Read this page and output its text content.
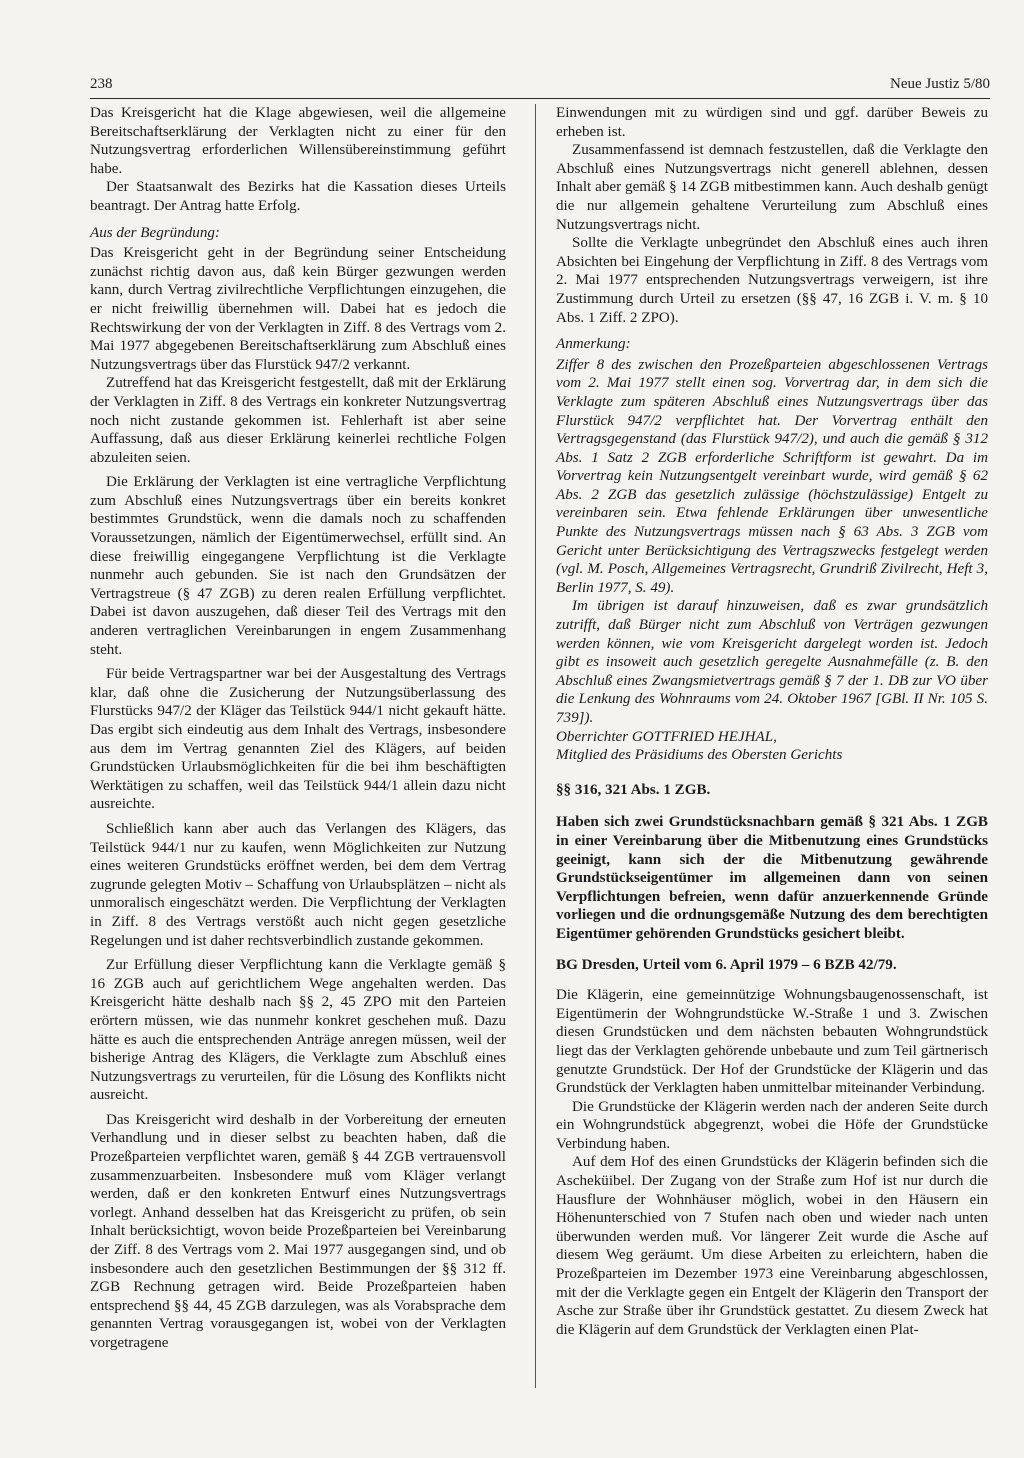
238	Neue Justiz 5/80

Das Kreisgericht hat die Klage abgewiesen, weil die allgemeine Bereitschaftserklärung der Verklagten nicht zu einer für den Nutzungsvertrag erforderlichen Willensübereinstimmung geführt habe.

Der Staatsanwalt des Bezirks hat die Kassation dieses Urteils beantragt. Der Antrag hatte Erfolg.

Aus der Begründung:

Das Kreisgericht geht in der Begründung seiner Entscheidung zunächst richtig davon aus, daß kein Bürger gezwungen werden kann, durch Vertrag zivilrechtliche Verpflichtungen einzugehen, die er nicht freiwillig übernehmen will. Dabei hat es jedoch die Rechtswirkung der von der Verklagten in Ziff. 8 des Vertrags vom 2. Mai 1977 abgegebenen Bereitschaftserklärung zum Abschluß eines Nutzungsvertrags über das Flurstück 947/2 verkannt.

Zutreffend hat das Kreisgericht festgestellt, daß mit der Erklärung der Verklagten in Ziff. 8 des Vertrags ein konkreter Nutzungsvertrag noch nicht zustande gekommen ist. Fehlerhaft ist aber seine Auffassung, daß aus dieser Erklärung keinerlei rechtliche Folgen abzuleiten seien.

Die Erklärung der Verklagten ist eine vertragliche Verpflichtung zum Abschluß eines Nutzungsvertrags über ein bereits konkret bestimmtes Grundstück, wenn die damals noch zu schaffenden Voraussetzungen, nämlich der Eigentümerwechsel, erfüllt sind. An diese freiwillig eingegangene Verpflichtung ist die Verklagte nunmehr auch gebunden. Sie ist nach den Grundsätzen der Vertragstreue (§ 47 ZGB) zu deren realen Erfüllung verpflichtet. Dabei ist davon auszugehen, daß dieser Teil des Vertrags mit den anderen vertraglichen Vereinbarungen in engem Zusammenhang steht.

Für beide Vertragspartner war bei der Ausgestaltung des Vertrags klar, daß ohne die Zusicherung der Nutzungsüberlassung des Flurstücks 947/2 der Kläger das Teilstück 944/1 nicht gekauft hätte. Das ergibt sich eindeutig aus dem Inhalt des Vertrags, insbesondere aus dem im Vertrag genannten Ziel des Klägers, auf beiden Grundstücken Urlaubsmöglichkeiten für die bei ihm beschäftigten Werktätigen zu schaffen, weil das Teilstück 944/1 allein dazu nicht ausreichte.

Schließlich kann aber auch das Verlangen des Klägers, das Teilstück 944/1 nur zu kaufen, wenn Möglichkeiten zur Nutzung eines weiteren Grundstücks eröffnet werden, bei dem dem Vertrag zugrunde gelegten Motiv – Schaffung von Urlaubsplätzen – nicht als unmoralisch eingeschätzt werden. Die Verpflichtung der Verklagten in Ziff. 8 des Vertrags verstößt auch nicht gegen gesetzliche Regelungen und ist daher rechtsverbindlich zustande gekommen.

Zur Erfüllung dieser Verpflichtung kann die Verklagte gemäß § 16 ZGB auch auf gerichtlichem Wege angehalten werden. Das Kreisgericht hätte deshalb nach §§ 2, 45 ZPO mit den Parteien erörtern müssen, wie das nunmehr konkret geschehen muß. Dazu hätte es auch die entsprechenden Anträge anregen müssen, weil der bisherige Antrag des Klägers, die Verklagte zum Abschluß eines Nutzungsvertrags zu verurteilen, für die Lösung des Konflikts nicht ausreicht.

Das Kreisgericht wird deshalb in der Vorbereitung der erneuten Verhandlung und in dieser selbst zu beachten haben, daß die Prozeßparteien verpflichtet waren, gemäß § 44 ZGB vertrauensvoll zusammenzuarbeiten. Insbesondere muß vom Kläger verlangt werden, daß er den konkreten Entwurf eines Nutzungsvertrags vorlegt. Anhand desselben hat das Kreisgericht zu prüfen, ob sein Inhalt berücksichtigt, wovon beide Prozeßparteien bei Vereinbarung der Ziff. 8 des Vertrags vom 2. Mai 1977 ausgegangen sind, und ob insbesondere auch den gesetzlichen Bestimmungen der §§ 312 ff. ZGB Rechnung getragen wird. Beide Prozeßparteien haben entsprechend §§ 44, 45 ZGB darzulegen, was als Vorabsprache dem genannten Vertrag vorausgegangen ist, wobei von der Verklagten vorgetragene

Einwendungen mit zu würdigen sind und ggf. darüber Beweis zu erheben ist.

Zusammenfassend ist demnach festzustellen, daß die Verklagte den Abschluß eines Nutzungsvertrags nicht generell ablehnen, dessen Inhalt aber gemäß § 14 ZGB mitbestimmen kann. Auch deshalb genügt die nur allgemein gehaltene Verurteilung zum Abschluß eines Nutzungsvertrags nicht.

Sollte die Verklagte unbegründet den Abschluß eines auch ihren Absichten bei Eingehung der Verpflichtung in Ziff. 8 des Vertrags vom 2. Mai 1977 entsprechenden Nutzungsvertrags verweigern, ist ihre Zustimmung durch Urteil zu ersetzen (§§ 47, 16 ZGB i. V. m. § 10 Abs. 1 Ziff. 2 ZPO).

Anmerkung:

Ziffer 8 des zwischen den Prozeßparteien abgeschlossenen Vertrags vom 2. Mai 1977 stellt einen sog. Vorvertrag dar, in dem sich die Verklagte zum späteren Abschluß eines Nutzungsvertrags über das Flurstück 947/2 verpflichtet hat. Der Vorvertrag enthält den Vertragsgegenstand (das Flurstück 947/2), und auch die gemäß § 312 Abs. 1 Satz 2 ZGB erforderliche Schriftform ist gewahrt. Da im Vorvertrag kein Nutzungsentgelt vereinbart wurde, wird gemäß § 62 Abs. 2 ZGB das gesetzlich zulässige (höchstzulässige) Entgelt zu vereinbaren sein. Etwa fehlende Erklärungen über unwesentliche Punkte des Nutzungsvertrags müssen nach § 63 Abs. 3 ZGB vom Gericht unter Berücksichtigung des Vertragszwecks festgelegt werden (vgl. M. Posch, Allgemeines Vertragsrecht, Grundriß Zivilrecht, Heft 3, Berlin 1977, S. 49).

Im übrigen ist darauf hinzuweisen, daß es zwar grundsätzlich zutrifft, daß Bürger nicht zum Abschluß von Verträgen gezwungen werden können, wie vom Kreisgericht dargelegt worden ist. Jedoch gibt es insoweit auch gesetzlich geregelte Ausnahmefälle (z. B. den Abschluß eines Zwangsmietvertrags gemäß § 7 der 1. DB zur VO über die Lenkung des Wohnraums vom 24. Oktober 1967 [GBl. II Nr. 105 S. 739]).

Oberrichter GOTTFRIED HEJHAL,

Mitglied des Präsidiums des Obersten Gerichts

§§ 316, 321 Abs. 1 ZGB.

Haben sich zwei Grundstücksnachbarn gemäß § 321 Abs. 1 ZGB in einer Vereinbarung über die Mitbenutzung eines Grundstücks geeinigt, kann sich der die Mitbenutzung gewährende Grundstückseigentümer im allgemeinen dann von seinen Verpflichtungen befreien, wenn dafür anzuerkennende Gründe vorliegen und die ordnungsgemäße Nutzung des dem berechtigten Eigentümer gehörenden Grundstücks gesichert bleibt.

BG Dresden, Urteil vom 6. April 1979 – 6 BZB 42/79.

Die Klägerin, eine gemeinnützige Wohnungsbaugenossenschaft, ist Eigentümerin der Wohngrundstücke W.-Straße 1 und 3. Zwischen diesen Grundstücken und dem nächsten bebauten Wohngrundstück liegt das der Verklagten gehörende unbebaute und zum Teil gärtnerisch genutzte Grundstück. Der Hof der Grundstücke der Klägerin und das Grundstück der Verklagten haben unmittelbar miteinander Verbindung.

Die Grundstücke der Klägerin werden nach der anderen Seite durch ein Wohngrundstück abgegrenzt, wobei die Höfe der Grundstücke Verbindung haben.

Auf dem Hof des einen Grundstücks der Klägerin befinden sich die Ascheküibel. Der Zugang von der Straße zum Hof ist nur durch die Hausflure der Wohnhäuser möglich, wobei in den Häusern ein Höhenunterschied von 7 Stufen nach oben und wieder nach unten überwunden werden muß. Vor längerer Zeit wurde die Asche auf diesem Weg geräumt. Um diese Arbeiten zu erleichtern, haben die Prozeßparteien im Dezember 1973 eine Vereinbarung abgeschlossen, mit der die Verklagte gegen ein Entgelt der Klägerin den Transport der Asche zur Straße über ihr Grundstück gestattet. Zu diesem Zweck hat die Klägerin auf dem Grundstück der Verklagten einen Plat-
